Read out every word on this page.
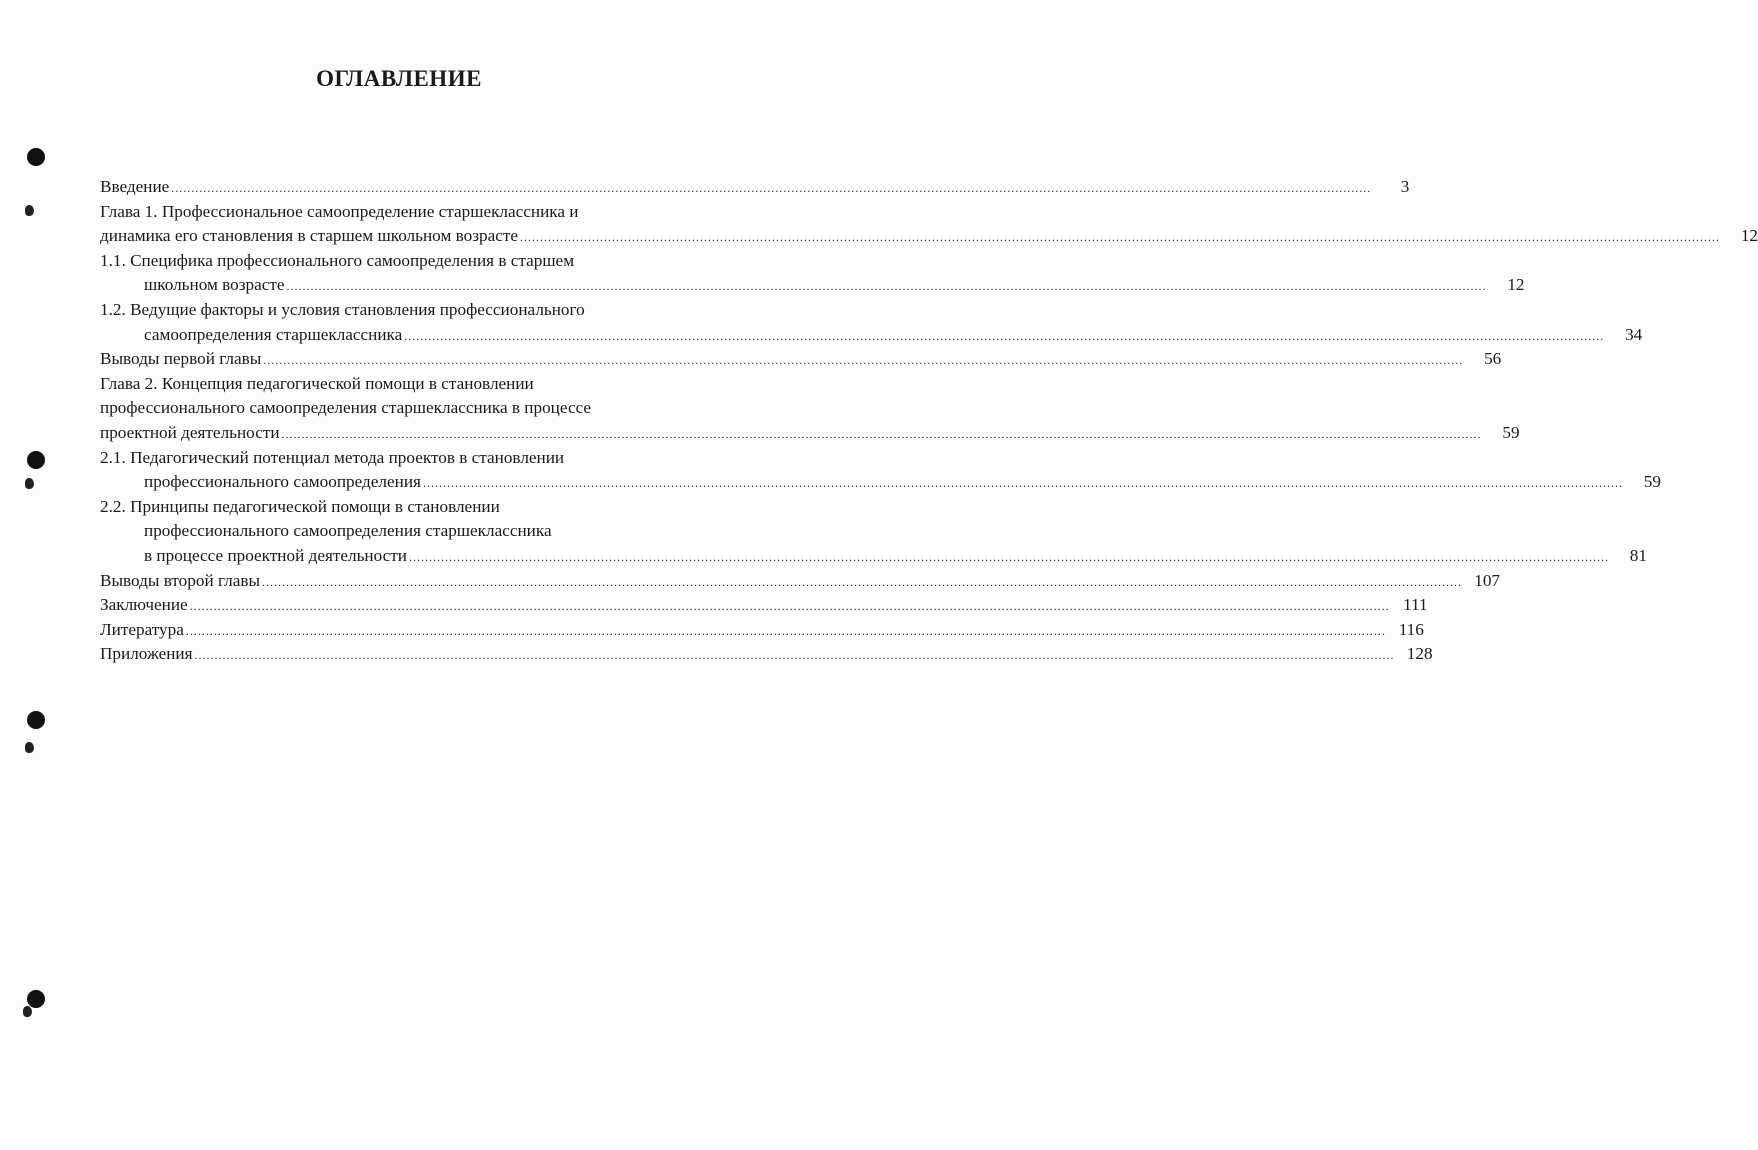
ОГЛАВЛЕНИЕ
Введение ............................................................................................................................................................................................................................................................................................................	3
Глава 1. Профессиональное самоопределение старшеклассника и
динамика его становления в старшем школьном возрасте ............................................................................................................................................................................................................................................................................................................	12
1.1. Специфика профессионального самоопределения в старшем
школьном возрасте ............................................................................................................................................................................................................................................................................................................	12
1.2. Ведущие факторы и условия становления профессионального
самоопределения старшеклассника ............................................................................................................................................................................................................................................................................................................	34
Выводы первой главы ............................................................................................................................................................................................................................................................................................................	56
Глава 2. Концепция педагогической помощи в становлении
профессионального самоопределения старшеклассника в процессе
проектной деятельности ............................................................................................................................................................................................................................................................................................................	59
2.1. Педагогический потенциал метода проектов в становлении
профессионального самоопределения ............................................................................................................................................................................................................................................................................................................	59
2.2. Принципы педагогической помощи в становлении
профессионального самоопределения старшеклассника
в процессе проектной деятельности ............................................................................................................................................................................................................................................................................................................	81
Выводы второй главы ............................................................................................................................................................................................................................................................................................................ 107
Заключение ............................................................................................................................................................................................................................................................................................................ 111
Литература ............................................................................................................................................................................................................................................................................................................ 116
Приложения ............................................................................................................................................................................................................................................................................................................ 128
